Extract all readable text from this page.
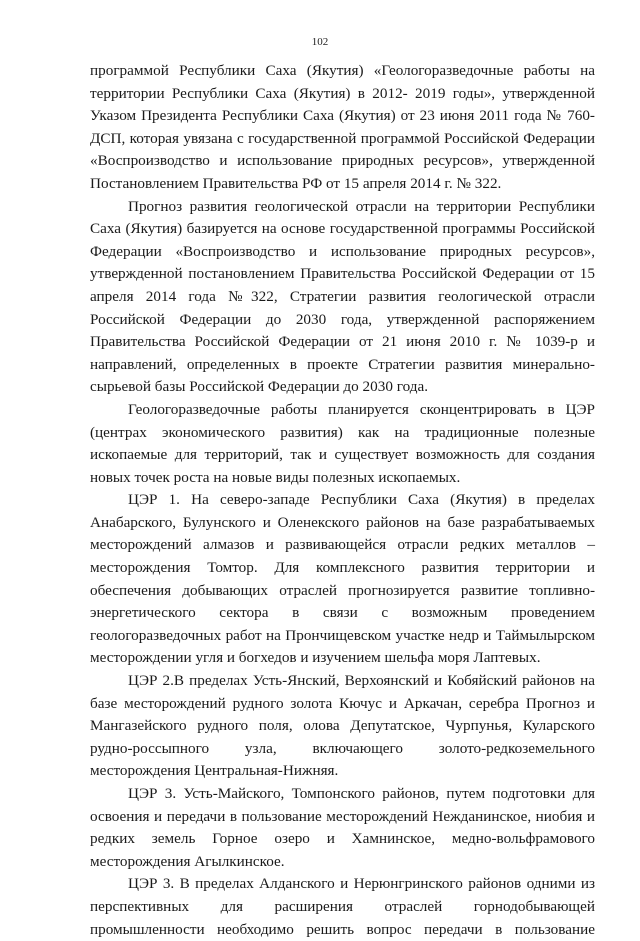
102

программой Республики Саха (Якутия) «Геологоразведочные работы на
территории Республики Саха (Якутия) в 2012- 2019 годы», утвержденной
Указом Президента Республики Саха (Якутия) от 23 июня 2011 года № 760-
ДСП, которая увязана с государственной программой Российской Федерации
«Воспроизводство и использование природных ресурсов», утвержденной
Постановлением Правительства РФ от 15 апреля 2014 г. № 322.

Прогноз развития геологической отрасли на территории Республики
Саха (Якутия) базируется на основе государственной программы Российской
Федерации «Воспроизводство и использование природных ресурсов»,
утвержденной постановлением Правительства Российской Федерации от 15
апреля 2014 года №322, Стратегии развития геологической отрасли
Российской Федерации до 2030 года, утвержденной распоряжением
Правительства Российской Федерации от 21 июня 2010 г. № 1039-р и
направлений, определенных в проекте Стратегии развития минерально-
сырьевой базы Российской Федерации до 2030 года.

Геологоразведочные работы планируется сконцентрировать в ЦЭР
(центрах экономического развития) как на традиционные полезные
ископаемые для территорий, так и существует возможность для создания
новых точек роста на новые виды полезных ископаемых.

ЦЭР 1. На северо-западе Республики Саха (Якутия) в пределах
Анабарского, Булунского и Оленекского районов на базе разрабатываемых
месторождений алмазов и развивающейся отрасли редких металлов –
месторождения Томтор. Для комплексного развития территории и
обеспечения добывающих отраслей прогнозируется развитие топливно-
энергетического сектора в связи с возможным проведением
геологоразведочных работ на Прончищевском участке недр и Таймылырском
месторождении угля и богхедов и изучением шельфа моря Лаптевых.

ЦЭР 2.В пределах Усть-Янский, Верхоянский и Кобяйский районов на
базе месторождений рудного золота Кючус и Аркачан, серебра Прогноз и
Мангазейского рудного поля, олова Депутатское, Чурпунья, Куларского
рудно-россыпного узла, включающего золото-редкоземельного
месторождения Центральная-Нижняя.

ЦЭР 3. Усть-Майского, Томпонского районов, путем подготовки для
освоения и передачи в пользование месторождений Нежданинское, ниобия и
редких земель Горное озеро и Хамнинское, медно-вольфрамового
месторождения Агылкинское.

ЦЭР 3. В пределах Алданского и Нерюнгринского районов одними из
перспективных для расширения отраслей горнодобывающей
промышленности необходимо решить вопрос передачи в пользование
